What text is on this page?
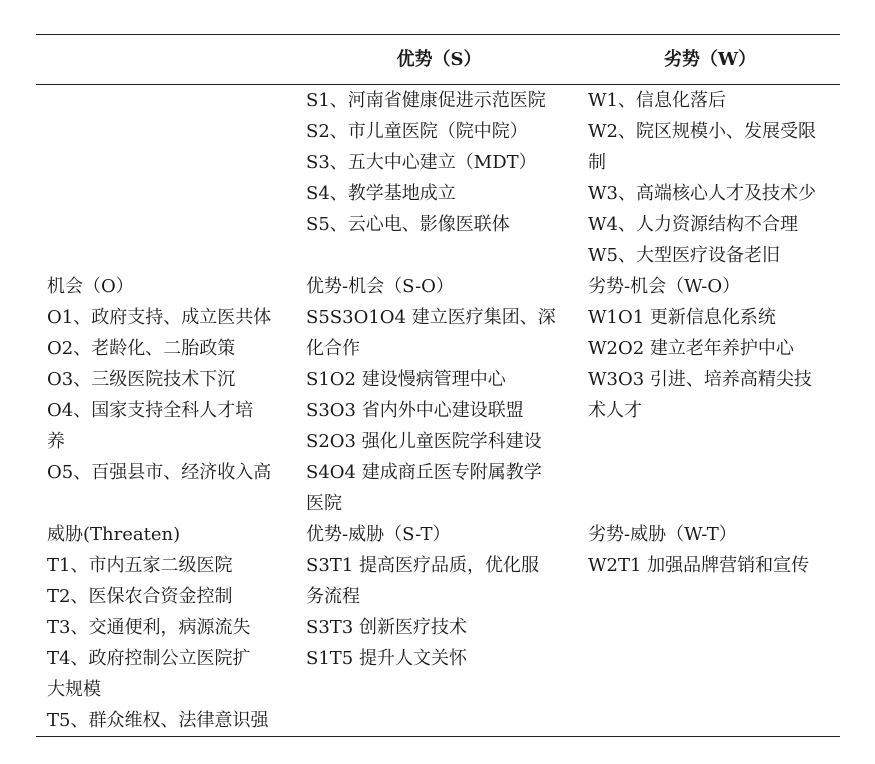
优势（S）	劣势（W）
S1、河南省健康促进示范医院
S2、市儿童医院（院中院）
S3、五大中心建立（MDT）
S4、教学基地成立
S5、云心电、影像医联体
W1、信息化落后
W2、院区规模小、发展受限
制
W3、高端核心人才及技术少
W4、人力资源结构不合理
W5、大型医疗设备老旧
机会（O）
O1、政府支持、成立医共体
O2、老龄化、二胎政策
O3、三级医院技术下沉
O4、国家支持全科人才培
养
O5、百强县市、经济收入高
优势-机会（S-O）
S5S3O1O4 建立医疗集团、深
化合作
S1O2 建设慢病管理中心
S3O3 省内外中心建设联盟
S2O3 强化儿童医院学科建设
S4O4 建成商丘医专附属教学
医院
劣势-机会（W-O）
W1O1 更新信息化系统
W2O2 建立老年养护中心
W3O3 引进、培养高精尖技
术人才
威胁(Threaten)
T1、市内五家二级医院
T2、医保农合资金控制
T3、交通便利，病源流失
T4、政府控制公立医院扩
大规模
T5、群众维权、法律意识强
优势-威胁（S-T）
S3T1 提高医疗品质，优化服
务流程
S3T3 创新医疗技术
S1T5 提升人文关怀
劣势-威胁（W-T）
W2T1 加强品牌营销和宣传
